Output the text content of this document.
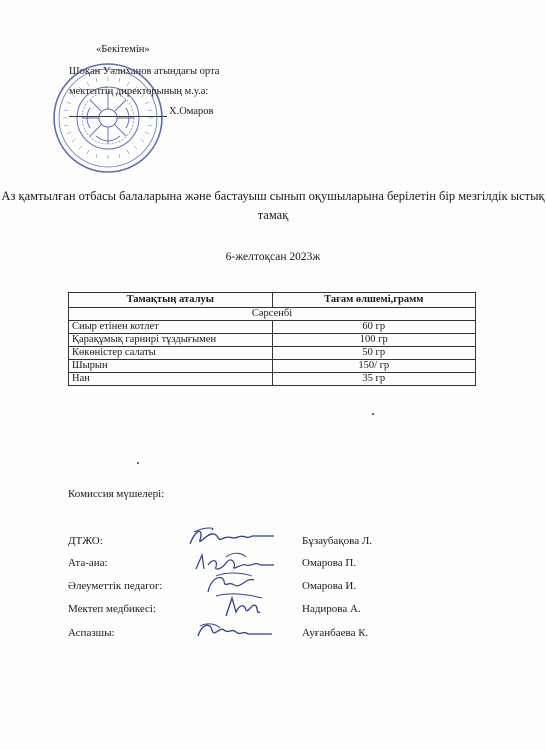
«Бекітемін»
Шоқан Уәлиханов атындағы орта
мектептің директорының м.у.а:
Х.Омаров
Аз қамтылған отбасы балаларына және бастауыш сынып оқушыларына берілетін бір мезгілдік ыстық тамақ
6-желтоқсан 2023ж
Тамақтың аталуы	Тағам өлшемі,грамм
Сәрсенбі	
Сиыр етінен котлет	60 гр
Қарақұмық гарнирі тұздығымен	100 гр
Көкөністер салаты	50 гр
Шырын	150/ гр
Нан	35 гр
Комиссия мүшелері:
ДТЖО:	Бұзаубақова Л.
Ата-ана:	Омарова П.
Әлеуметтік педагог:	Омарова И.
Мектеп медбикесі:	Надирова А.
Аспазшы:	Ауғанбаева К.
